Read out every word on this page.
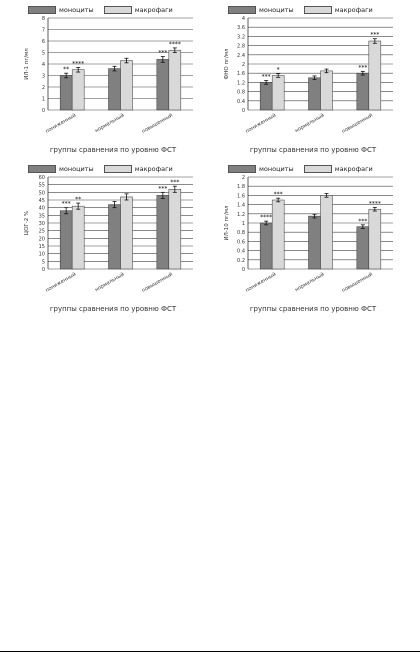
моноциты	макрофаги
0
1
2
3
4
5
6
7
8
ИЛ-1 пг/мл	**
****
пониженный	нормальный
***
****
повышенный
группы сравнения по уровню ФСТ
моноциты	макрофаги
0
0.4
0.8
1.2
1.6
2
2.4
2.8
3.2
3.6
4
ФНО пг/мл	***
*
пониженный	нормальный
***
***
повышенный
группы сравнения по уровню ФСТ
моноциты	макрофаги
0
5
10
15
20
25
30
35
40
45
50
55
60
ЦОГ-2 %
***
**
пониженный	нормальный
***
***
повышенный
группы сравнения по уровню ФСТ
моноциты	макрофаги
0
0.2
0.4
0.6
0.8
1
1.2
1.4
1.6
1.8
2
ИЛ-10 пг/мл	****
***
пониженный	нормальный
***
****
повышенный
группы сравнения по уровню ФСТ
